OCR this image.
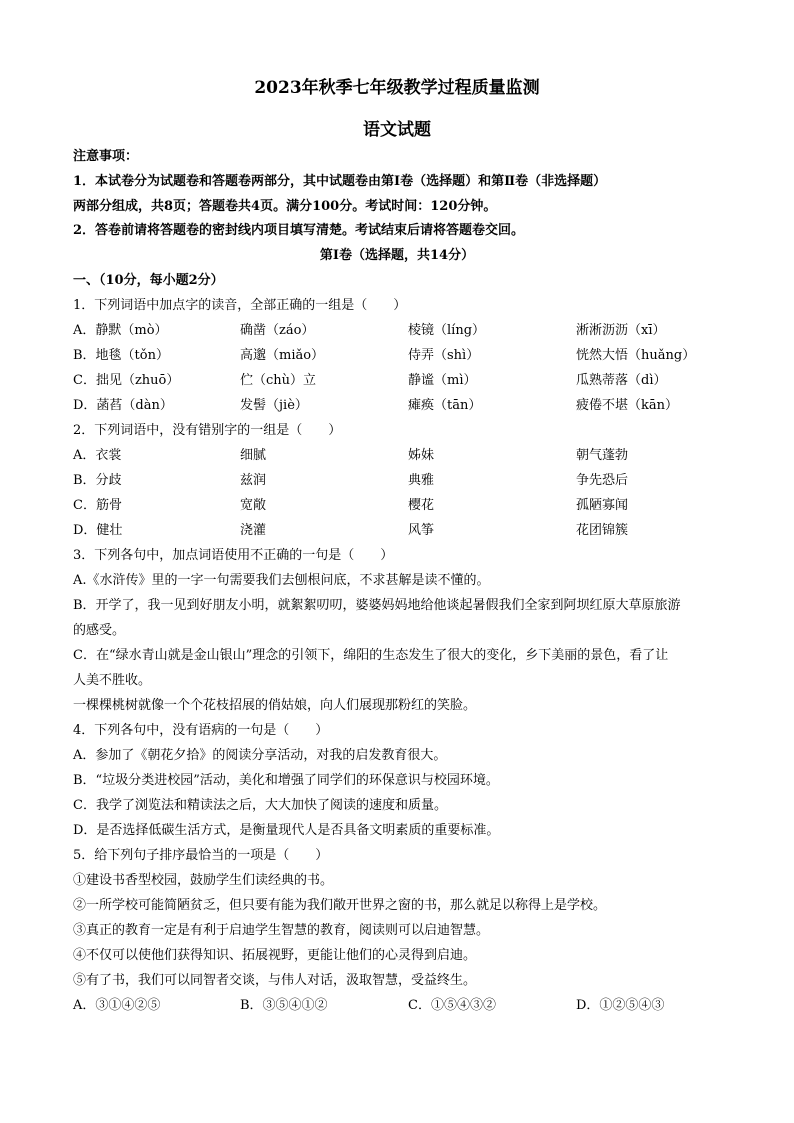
2023年秋季七年级教学过程质量监测
语文试题
注意事项：
1．本试卷分为试题卷和答题卷两部分，其中试题卷由第Ⅰ卷（选择题）和第Ⅱ卷（非选择题）
两部分组成，共8页；答题卷共4页。满分100分。考试时间：120分钟。
2．答卷前请将答题卷的密封线内项目填写清楚。考试结束后请将答题卷交回。
第Ⅰ卷（选择题，共14分）
一、（10分，每小题2分）
1．下列词语中加点字的读音，全部正确的一组是（　　）
A．静默（mò）	确凿（záo）	棱镜（líng）	淅淅沥沥（xī）
B．地毯（tǒn）	高邈（miǎo）	侍弄（shì）	恍然大悟（huǎng）
C．拙见（zhuō）	伫（chù）立	静谧（mì）	瓜熟蒂落（dì）
D．菡萏（dàn）	发髻（jiè）	瘫痪（tān）	疲倦不堪（kān）
2．下列词语中，没有错别字的一组是（　　）
A．衣裳	细腻	姊妹	朝气蓬勃
B．分歧	兹润	典雅	争先恐后
C．筋骨	宽敞	樱花	孤陋寡闻
D．健壮	浇灌	风筝	花团锦簇
3．下列各句中，加点词语使用不正确的一句是（　　）
A.《水浒传》里的一字一句需要我们去刨根问底，不求甚解是读不懂的。
B．开学了，我一见到好朋友小明，就絮絮叨叨，婆婆妈妈地给他谈起暑假我们全家到阿坝红原大草原旅游
的感受。
C．在“绿水青山就是金山银山”理念的引领下，绵阳的生态发生了很大的变化，乡下美丽的景色，看了让
人美不胜收。
一棵棵桃树就像一个个花枝招展的俏姑娘，向人们展现那粉红的笑脸。
4．下列各句中，没有语病的一句是（　　）
A．参加了《朝花夕拾》的阅读分享活动，对我的启发教育很大。
B．“垃圾分类进校园”活动，美化和增强了同学们的环保意识与校园环境。
C．我学了浏览法和精读法之后，大大加快了阅读的速度和质量。
D．是否选择低碳生活方式，是衡量现代人是否具备文明素质的重要标准。
5．给下列句子排序最恰当的一项是（　　）
①建设书香型校园，鼓励学生们读经典的书。
②一所学校可能简陋贫乏，但只要有能为我们敞开世界之窗的书，那么就足以称得上是学校。
③真正的教育一定是有利于启迪学生智慧的教育，阅读则可以启迪智慧。
④不仅可以使他们获得知识、拓展视野，更能让他们的心灵得到启迪。
⑤有了书，我们可以同智者交谈，与伟人对话，汲取智慧，受益终生。
A．③①④②⑤	B．③⑤④①②	C．①⑤④③②	D．①②⑤④③
